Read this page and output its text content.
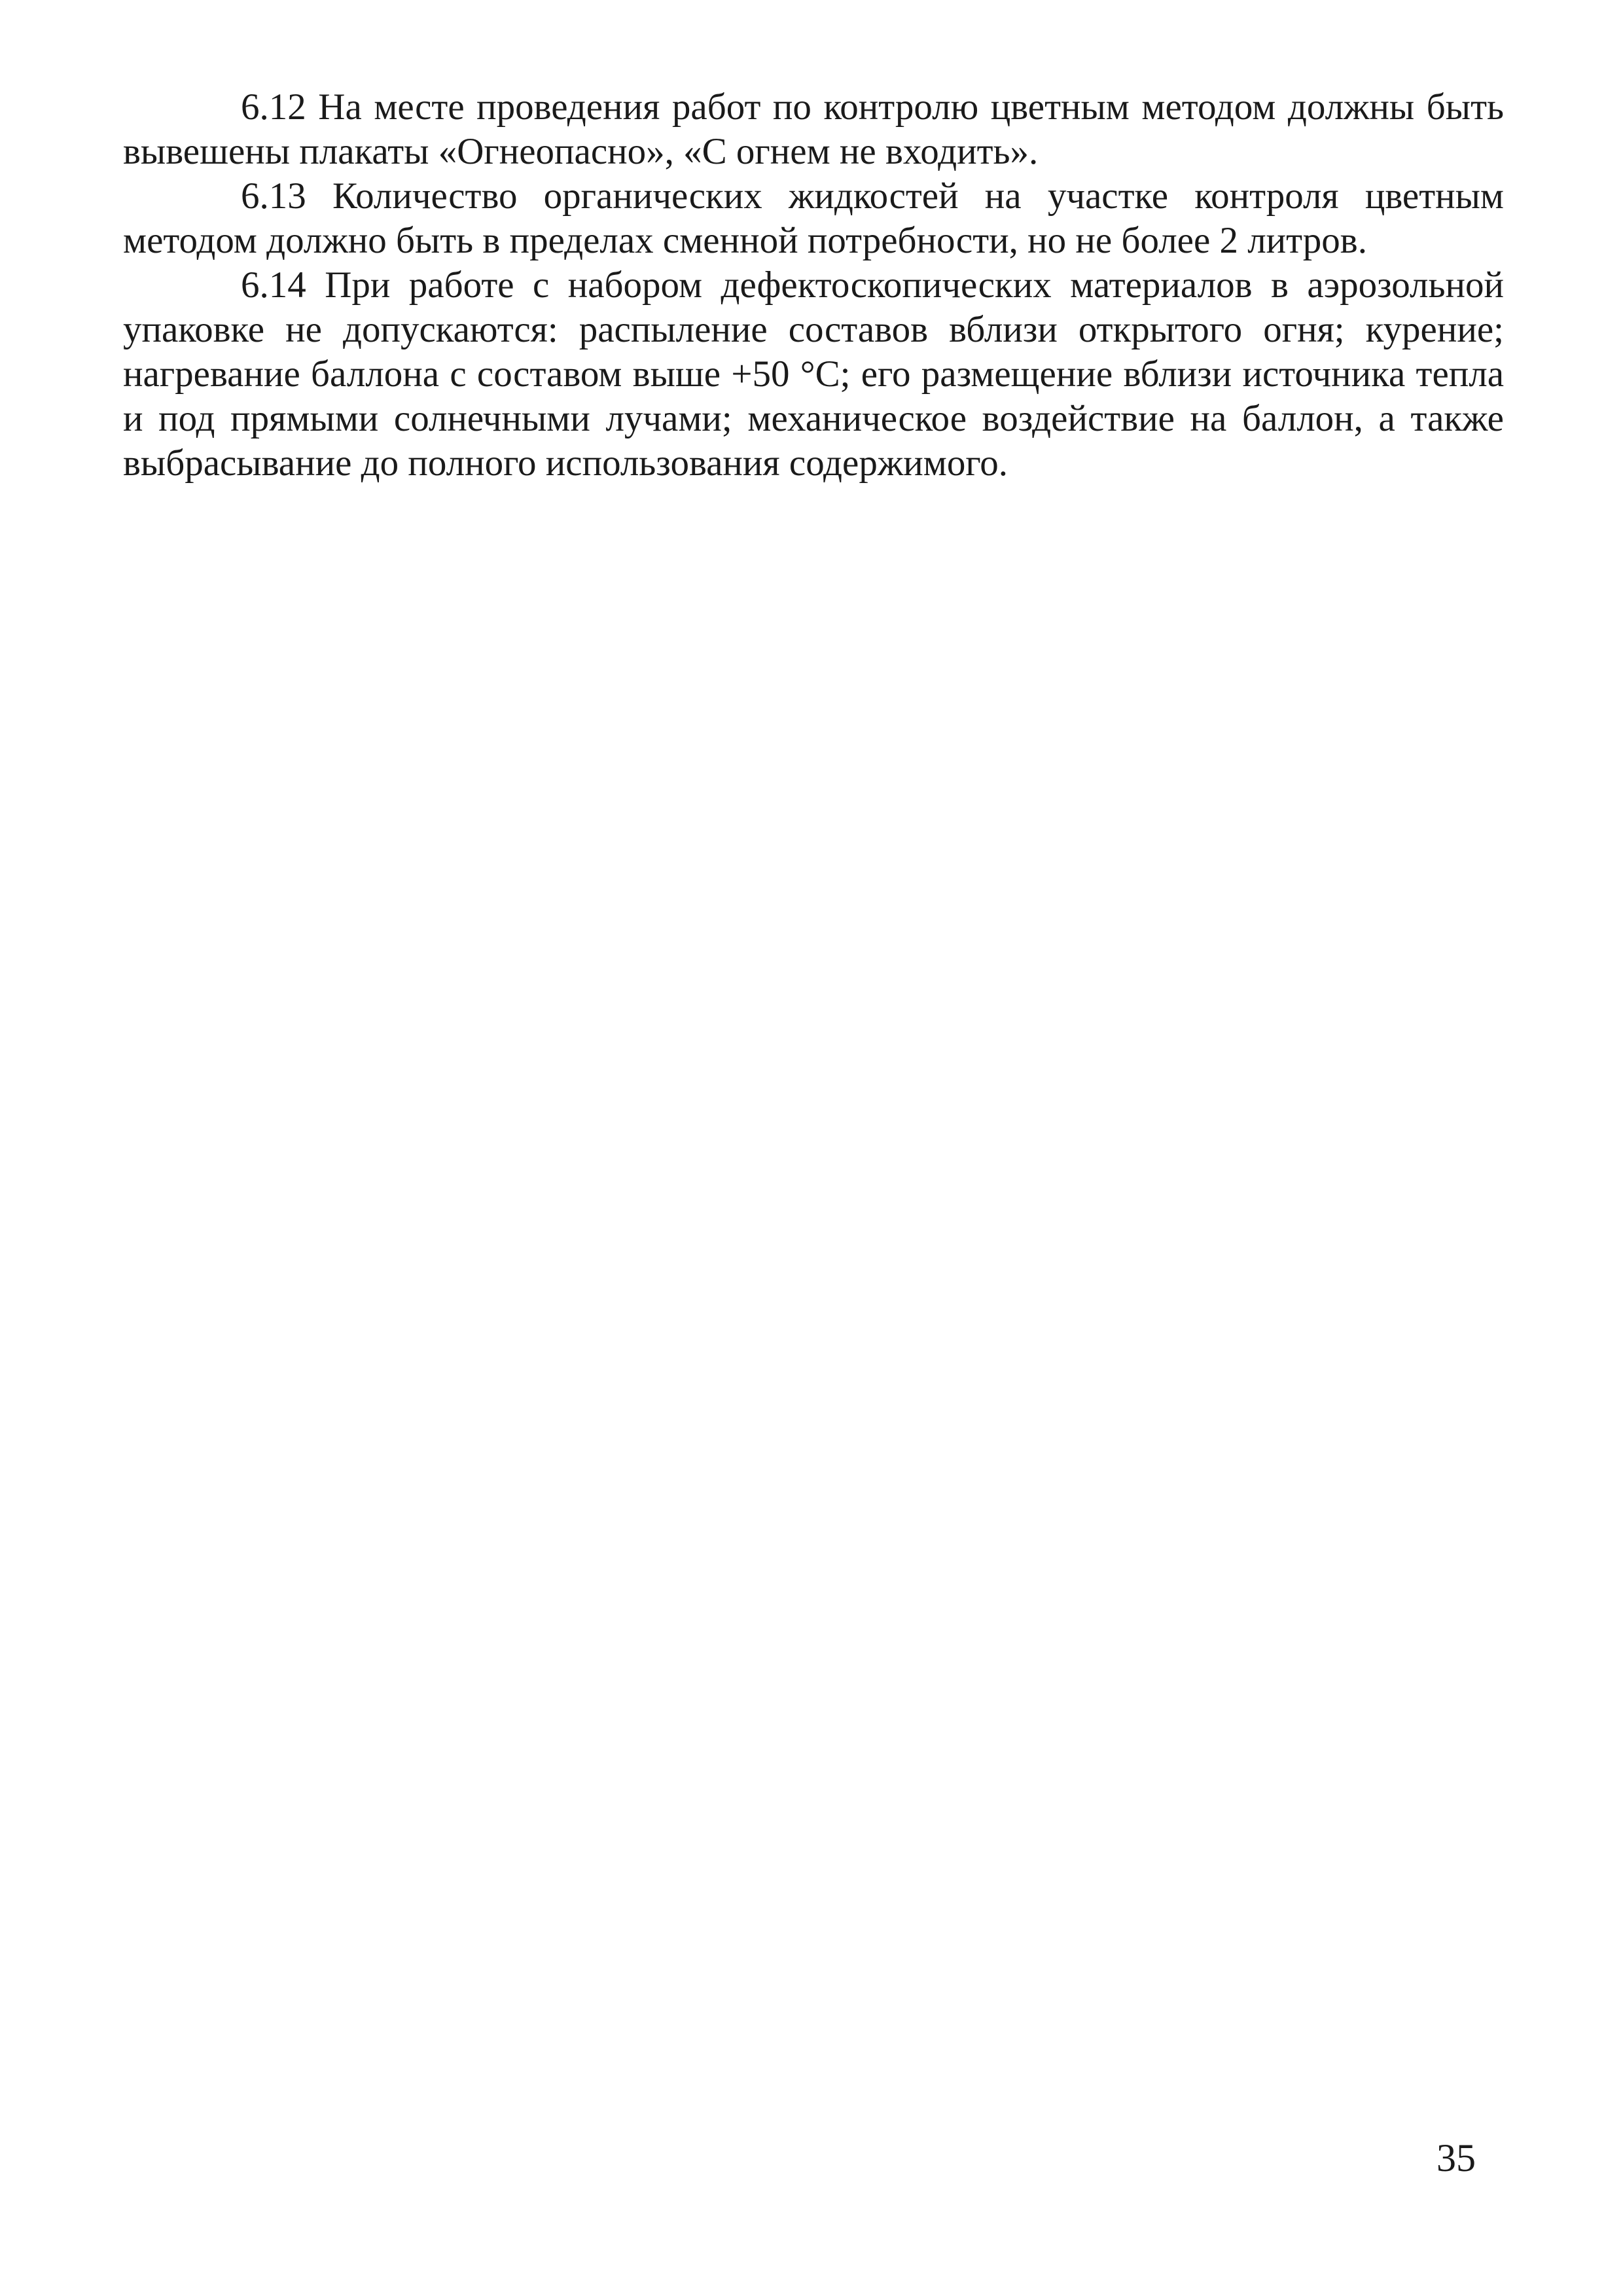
6.12 На месте проведения работ по контролю цветным методом должны быть вывешены плакаты «Огнеопасно», «С огнем не входить».

6.13 Количество органических жидкостей на участке контроля цветным методом должно быть в пределах сменной потребности, но не более 2 литров.

6.14 При работе с набором дефектоскопических материалов в аэрозольной упаковке не допускаются: распыление составов вблизи открытого огня; курение; нагревание баллона с составом выше +50 °С; его размещение вблизи источника тепла и под прямыми солнечными лучами; механическое воздействие на баллон, а также выбрасывание до полного использования содержимого.

35
